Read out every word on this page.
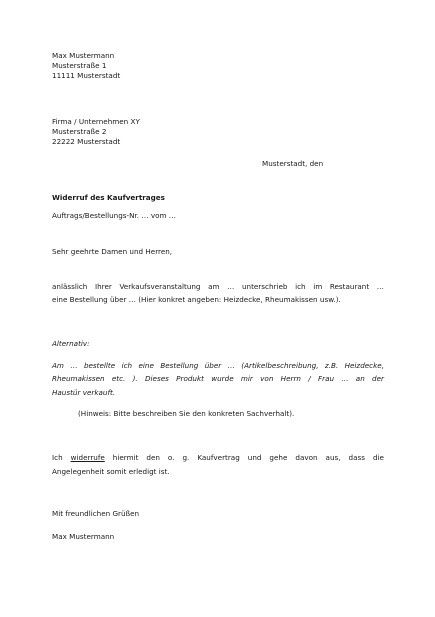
Max Mustermann
Musterstraße 1
11111 Musterstadt
Firma / Unternehmen XY
Musterstraße 2
22222 Musterstadt
Musterstadt, den
Widerruf des Kaufvertrages
Auftrags/Bestellungs-Nr. … vom …
Sehr geehrte Damen und Herren,
anlässlich Ihrer Verkaufsveranstaltung am … unterschrieb ich im Restaurant …
eine Bestellung über … (Hier konkret angeben: Heizdecke, Rheumakissen usw.).
Alternativ:
Am … bestellte ich eine Bestellung über … (Artikelbeschreibung, z.B. Heizdecke,
Rheumakissen etc. ). Dieses Produkt wurde mir von Herrn / Frau … an der
Haustür verkauft.
(Hinweis: Bitte beschreiben Sie den konkreten Sachverhalt).
Ich widerrufe hiermit den o. g. Kaufvertrag und gehe davon aus, dass die
Angelegenheit somit erledigt ist.
Mit freundlichen Grüßen
Max Mustermann
